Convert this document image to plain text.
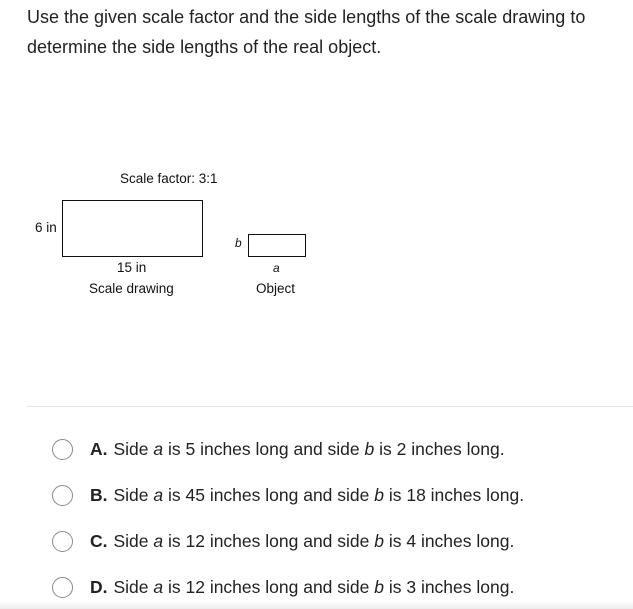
Use the given scale factor and the side lengths of the scale drawing to determine the side lengths of the real object.

Scale factor: 3:1
6 in
15 in
Scale drawing
b
a
Object
A. Side a is 5 inches long and side b is 2 inches long.
B. Side a is 45 inches long and side b is 18 inches long.
C. Side a is 12 inches long and side b is 4 inches long.
D. Side a is 12 inches long and side b is 3 inches long.
